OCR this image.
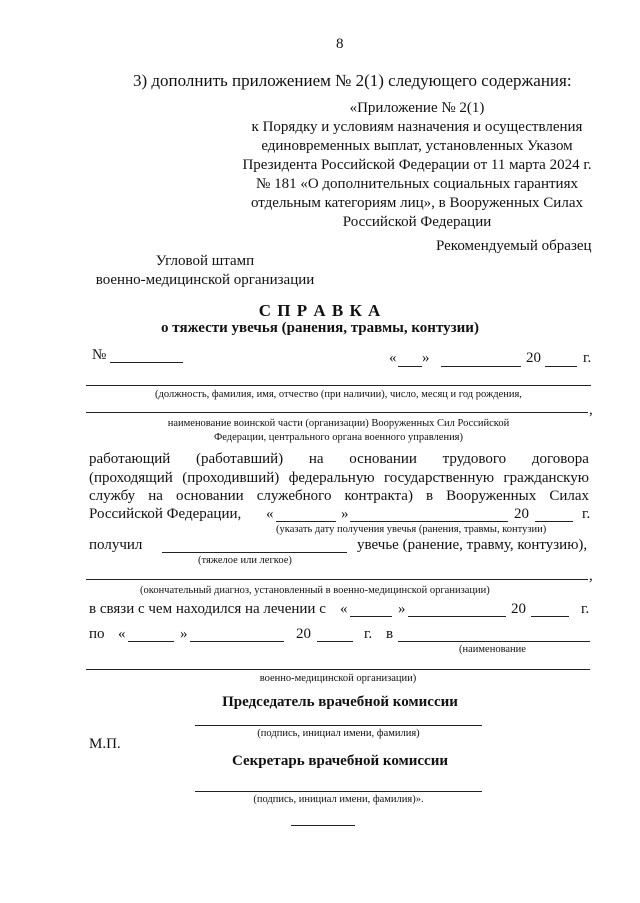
8
3) дополнить приложением № 2(1) следующего содержания:
«Приложение № 2(1)
к Порядку и условиям назначения и осуществления
единовременных выплат, установленных Указом
Президента Российской Федерации от 11 марта 2024 г.
№ 181 «О дополнительных социальных гарантиях
отдельным категориям лиц», в Вооруженных Силах
Российской Федерации
Рекомендуемый образец
Угловой штамп
военно-медицинской организации
С П Р А В К А
о тяжести увечья (ранения, травмы, контузии)
№	« »	20	г.
(должность, фамилия, имя, отчество (при наличии), число, месяц и год рождения,
,
наименование воинской части (организации) Вооруженных Сил Российской
Федерации, центрального органа военного управления)
работающий (работавший) на основании трудового договора
(проходящий (проходивший) федеральную государственную гражданскую
службу на основании служебного контракта) в Вооруженных Силах
Российской Федерации, «	»	20	г.
(указать дату получения увечья (ранения, травмы, контузии)
получил	увечье (ранение, травму, контузию),
(тяжелое или легкое)
,
(окончательный диагноз, установленный в военно-медицинской организации)
в связи с чем находился на лечении с «	»	20	г.
по «	»	20	г. в
(наименование
военно-медицинской организации)
Председатель врачебной комиссии
(подпись, инициал имени, фамилия)
М.П.
Секретарь врачебной комиссии
(подпись, инициал имени, фамилия)».
